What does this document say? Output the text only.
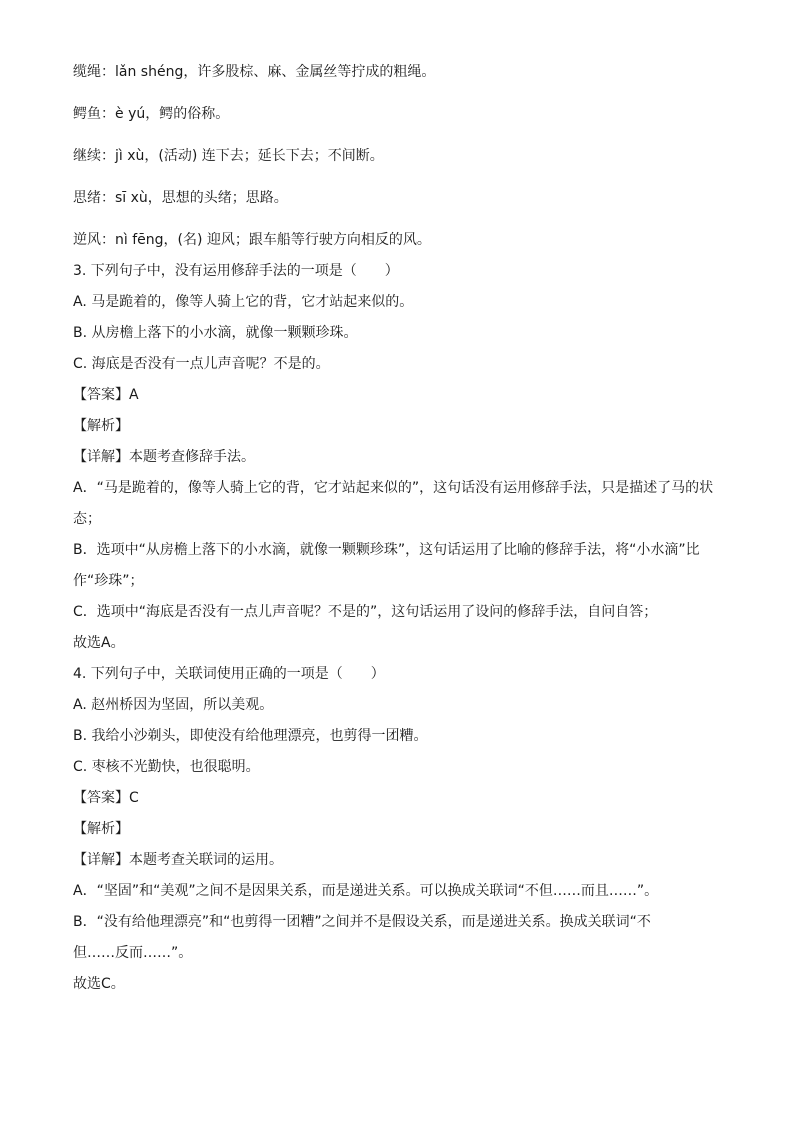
缆绳：lǎn shéng，许多股棕、麻、金属丝等拧成的粗绳。

鳄鱼：è yú，鳄的俗称。

继续：jì xù，(活动) 连下去；延长下去；不间断。

思绪：sī xù，思想的头绪；思路。

逆风：nì fēng，(名) 迎风；跟车船等行驶方向相反的风。

3. 下列句子中，没有运用修辞手法的一项是（　　）

A. 马是跪着的，像等人骑上它的背，它才站起来似的。

B. 从房檐上落下的小水滴，就像一颗颗珍珠。

C. 海底是否没有一点儿声音呢？不是的。

【答案】A

【解析】

【详解】本题考查修辞手法。

A．“马是跪着的，像等人骑上它的背，它才站起来似的”，这句话没有运用修辞手法，只是描述了马的状

态；

B．选项中“从房檐上落下的小水滴，就像一颗颗珍珠”，这句话运用了比喻的修辞手法，将“小水滴”比

作“珍珠”；

C．选项中“海底是否没有一点儿声音呢？不是的”，这句话运用了设问的修辞手法，自问自答；

故选A。

4. 下列句子中，关联词使用正确的一项是（　　）

A. 赵州桥因为坚固，所以美观。

B. 我给小沙剃头，即使没有给他理漂亮，也剪得一团糟。

C. 枣核不光勤快，也很聪明。

【答案】C

【解析】

【详解】本题考查关联词的运用。

A．“坚固”和“美观”之间不是因果关系，而是递进关系。可以换成关联词“不但……而且……”。

B．“没有给他理漂亮”和“也剪得一团糟”之间并不是假设关系，而是递进关系。换成关联词“不

但……反而……”。

故选C。
